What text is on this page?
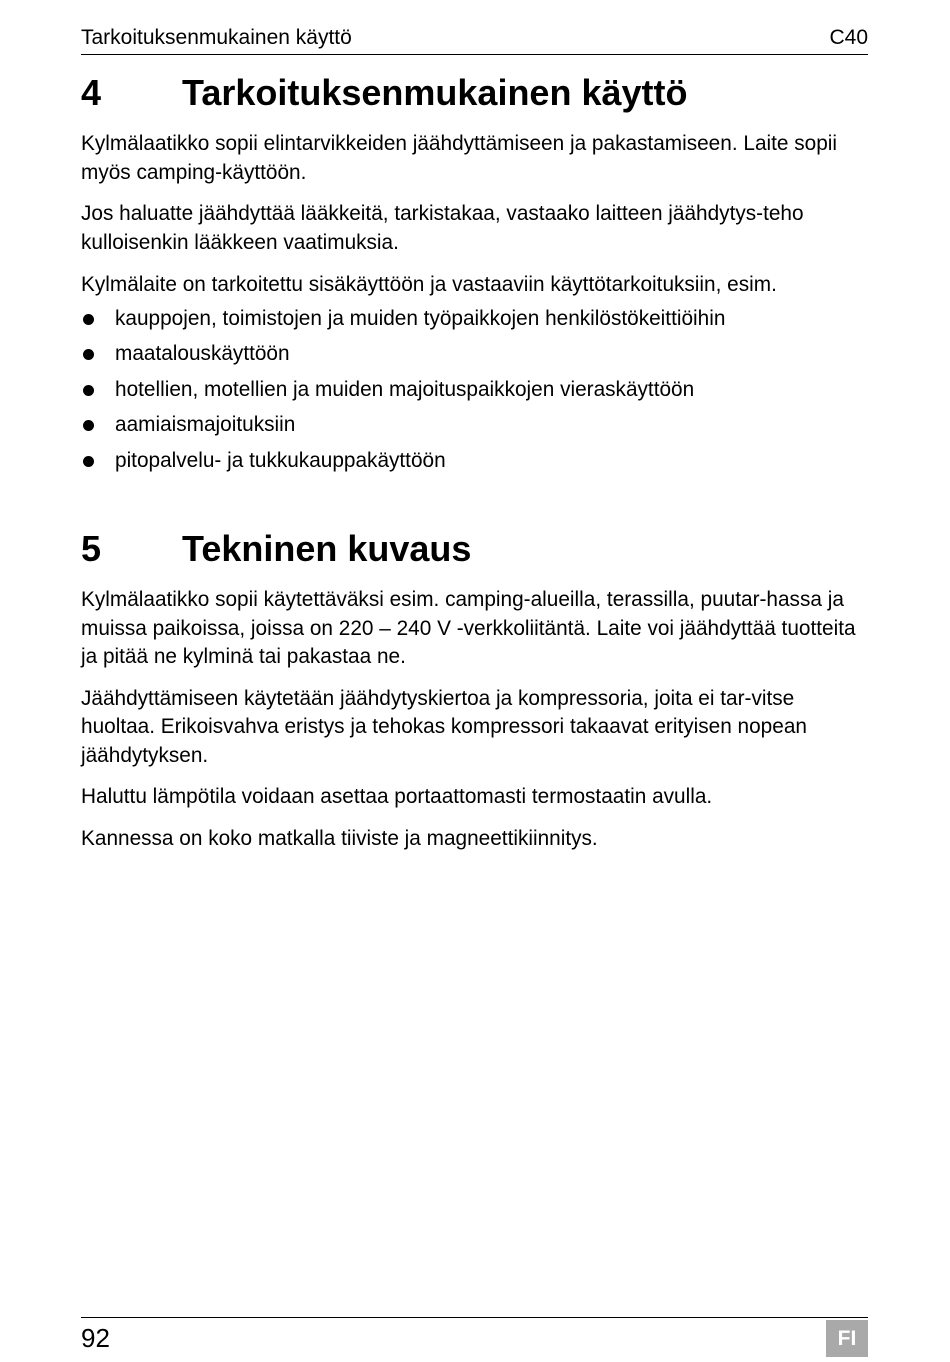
Tarkoituksenmukainen käyttö	C40
4	Tarkoituksenmukainen käyttö

Kylmälaatikko sopii elintarvikkeiden jäähdyttämiseen ja pakastamiseen. Laite sopii myös camping-käyttöön.

Jos haluatte jäähdyttää lääkkeitä, tarkistakaa, vastaako laitteen jäähdytys-teho kulloisenkin lääkkeen vaatimuksia.

Kylmälaite on tarkoitettu sisäkäyttöön ja vastaaviin käyttötarkoituksiin, esim.

kauppojen, toimistojen ja muiden työpaikkojen henkilöstökeittiöihin
maatalouskäyttöön
hotellien, motellien ja muiden majoituspaikkojen vieraskäyttöön
aamiaismajoituksiin
pitopalvelu- ja tukkukauppakäyttöön
5	Tekninen kuvaus

Kylmälaatikko sopii käytettäväksi esim. camping-alueilla, terassilla, puutar-hassa ja muissa paikoissa, joissa on 220 – 240 V -verkkoliitäntä. Laite voi jäähdyttää tuotteita ja pitää ne kylminä tai pakastaa ne.

Jäähdyttämiseen käytetään jäähdytyskiertoa ja kompressoria, joita ei tar-vitse huoltaa. Erikoisvahva eristys ja tehokas kompressori takaavat erityisen nopean jäähdytyksen.

Haluttu lämpötila voidaan asettaa portaattomasti termostaatin avulla.

Kannessa on koko matkalla tiiviste ja magneettikiinnitys.

92	FI
